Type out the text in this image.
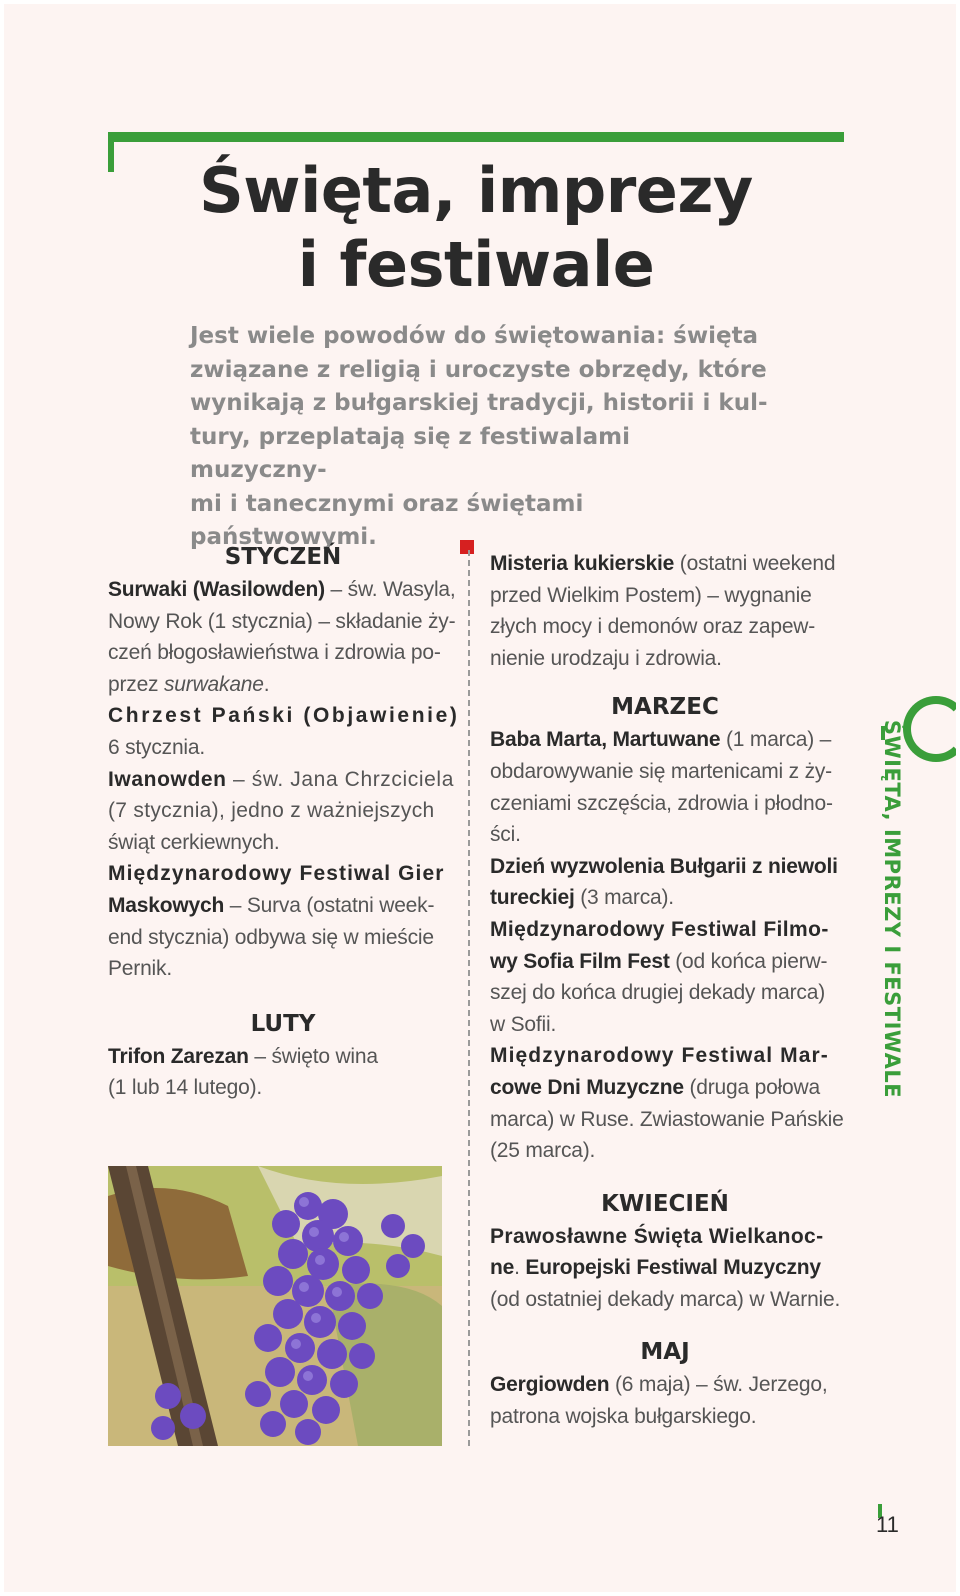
Święta, imprezy
i festiwale
Jest wiele powodów do świętowania: święta
związane z religią i uroczyste obrzędy, które
wynikają z bułgarskiej tradycji, historii i kul-
tury, przeplatają się z festiwalami muzyczny-
mi i tanecznymi oraz świętami państwowymi.
STYCZEŃ
Surwaki (Wasilowden) – św. Wasyla,
Nowy Rok (1 stycznia) – składanie ży-
czeń błogosławieństwa i zdrowia po-
przez surwakane.
Chrzest Pański (Objawienie)
6 stycznia.
Iwanowden – św. Jana Chrzciciela
(7 stycznia), jedno z ważniejszych
świąt cerkiewnych.
Międzynarodowy Festiwal Gier
Maskowych – Surva (ostatni week-
end stycznia) odbywa się w mieście
Pernik.
LUTY
Trifon Zarezan – święto wina
(1 lub 14 lutego).
Misteria kukierskie (ostatni weekend
przed Wielkim Postem) – wygnanie
złych mocy i demonów oraz zapew-
nienie urodzaju i zdrowia.
MARZEC
Baba Marta, Martuwane (1 marca) –
obdarowywanie się martenicami z ży-
czeniami szczęścia, zdrowia i płodno-
ści.
Dzień wyzwolenia Bułgarii z niewoli
tureckiej (3 marca).
Międzynarodowy Festiwal Filmo-
wy Sofia Film Fest (od końca pierw-
szej do końca drugiej dekady marca)
w Sofii.
Międzynarodowy Festiwal Mar-
cowe Dni Muzyczne (druga połowa
marca) w Ruse. Zwiastowanie Pańskie
(25 marca).
KWIECIEŃ
Prawosławne Święta Wielkanoc-
ne. Europejski Festiwal Muzyczny
(od ostatniej dekady marca) w Warnie.
MAJ
Gergiowden (6 maja) – św. Jerzego,
patrona wojska bułgarskiego.
ŚWIĘTA, IMPREZY I FESTIWALE
11
